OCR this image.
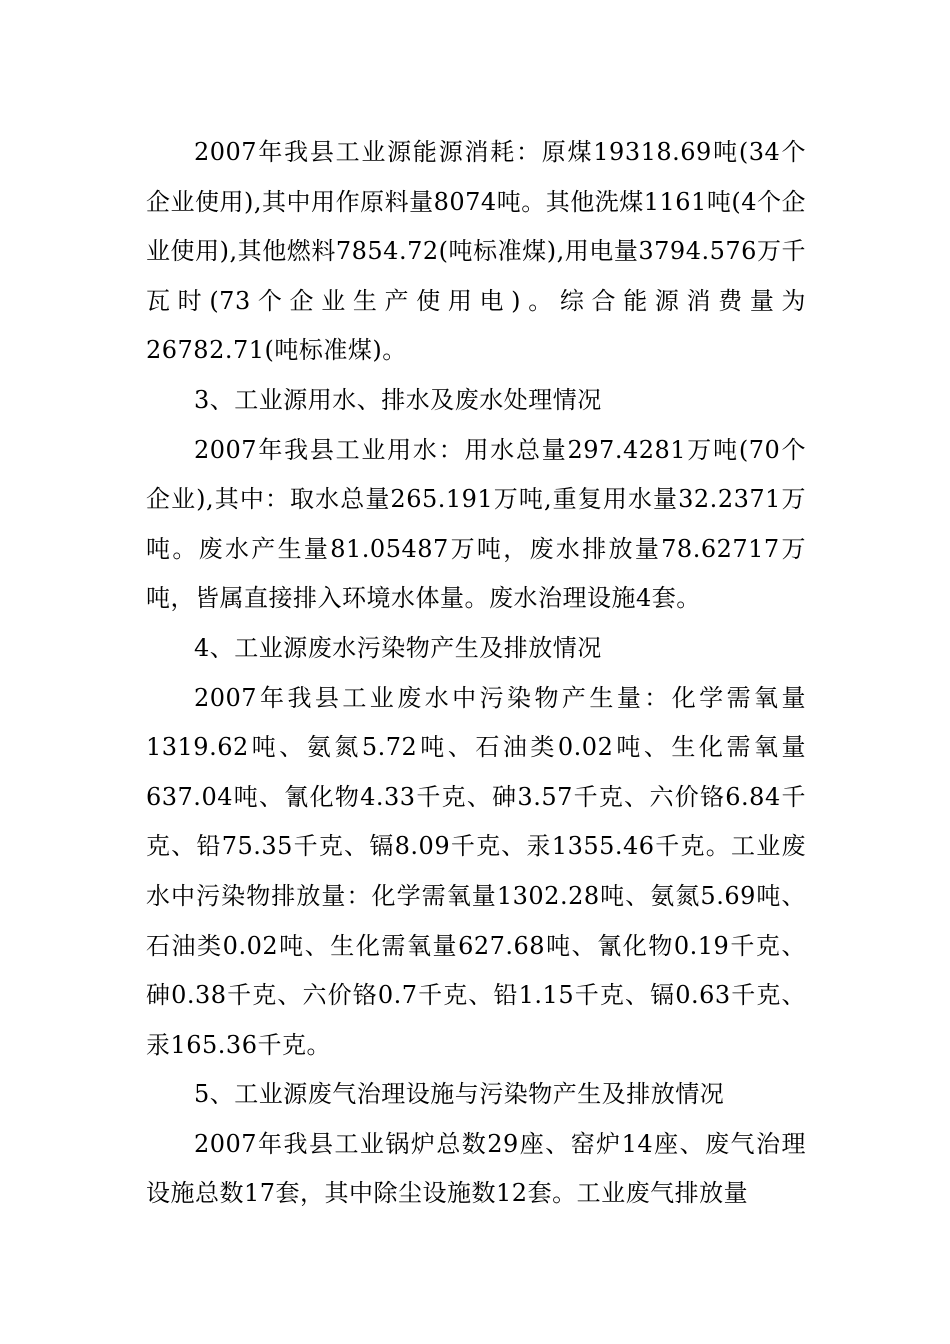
2007年我县工业源能源消耗：原煤19318.69吨(34个企业使用),其中用作原料量8074吨。其他洗煤1161吨(4个企业使用),其他燃料7854.72(吨标准煤),用电量3794.576万千瓦时(73个企业生产使用电)。综合能源消费量为26782.71(吨标准煤)。

3、工业源用水、排水及废水处理情况

2007年我县工业用水：用水总量297.4281万吨(70个企业),其中：取水总量265.191万吨,重复用水量32.2371万吨。废水产生量81.05487万吨，废水排放量78.62717万吨，皆属直接排入环境水体量。废水治理设施4套。

4、工业源废水污染物产生及排放情况

2007年我县工业废水中污染物产生量：化学需氧量1319.62吨、氨氮5.72吨、石油类0.02吨、生化需氧量637.04吨、氰化物4.33千克、砷3.57千克、六价铬6.84千克、铅75.35千克、镉8.09千克、汞1355.46千克。工业废水中污染物排放量：化学需氧量1302.28吨、氨氮5.69吨、石油类0.02吨、生化需氧量627.68吨、氰化物0.19千克、砷0.38千克、六价铬0.7千克、铅1.15千克、镉0.63千克、汞165.36千克。

5、工业源废气治理设施与污染物产生及排放情况

2007年我县工业锅炉总数29座、窑炉14座、废气治理设施总数17套，其中除尘设施数12套。工业废气排放量
